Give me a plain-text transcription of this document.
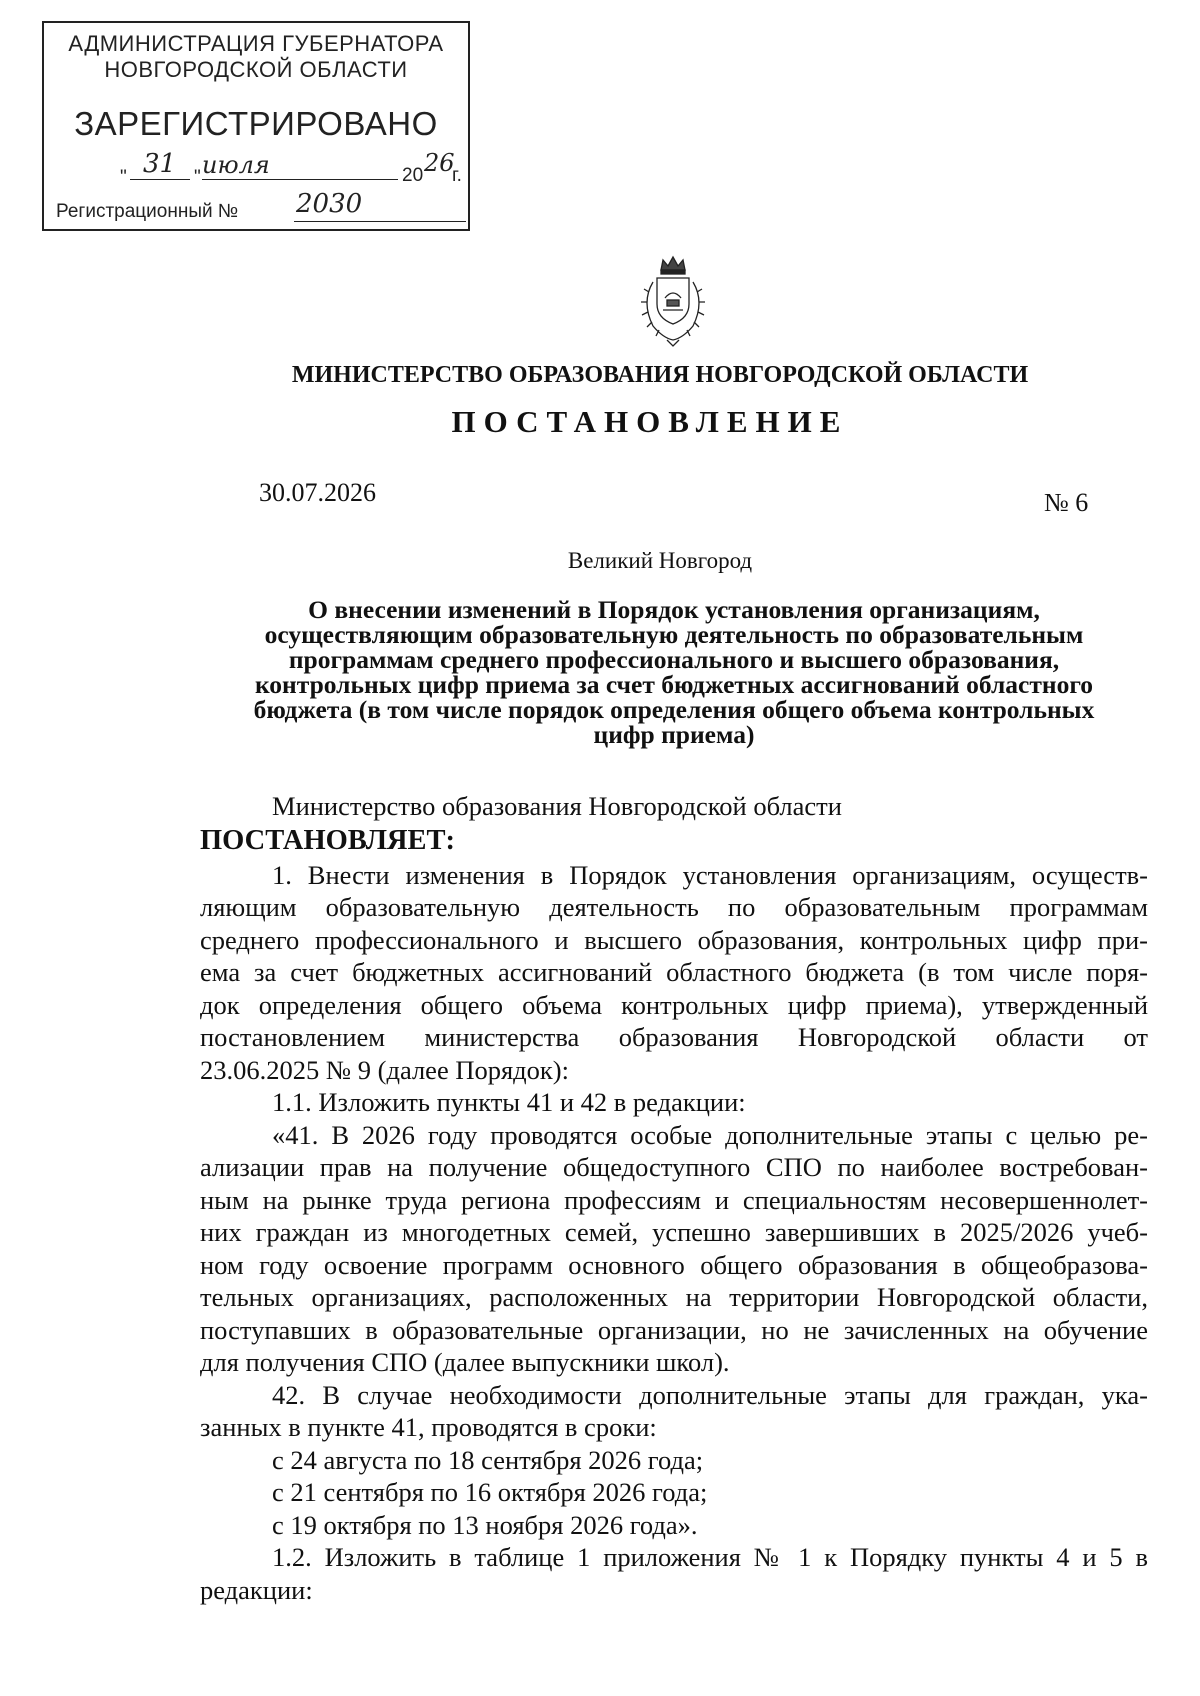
АДМИНИСТРАЦИЯ ГУБЕРНАТОРА
НОВГОРОДСКОЙ ОБЛАСТИ
ЗАРЕГИСТРИРОВАНО
" 31 " июля	20 26
г.
Регистрационный № 2030
МИНИСТЕРСТВО ОБРАЗОВАНИЯ НОВГОРОДСКОЙ ОБЛАСТИ
ПОСТАНОВЛЕНИЕ
30.07.2026	№ 6
Великий Новгород
О внесении изменений в Порядок установления организациям,
осуществляющим образовательную деятельность по образовательным
программам среднего профессионального и высшего образования,
контрольных цифр приема за счет бюджетных ассигнований областного
бюджета (в том числе порядок определения общего объема контрольных
цифр приема)
Министерство образования Новгородской области
ПОСТАНОВЛЯЕТ:
1. Внести изменения в Порядок установления организациям, осуществ-
ляющим образовательную деятельность по образовательным программам
среднего профессионального и высшего образования, контрольных цифр при-
ема за счет бюджетных ассигнований областного бюджета (в том числе поря-
док определения общего объема контрольных цифр приема), утвержденный
постановлением министерства образования Новгородской области от
23.06.2025 № 9 (далее Порядок):
1.1. Изложить пункты 41 и 42 в редакции:
«41. В 2026 году проводятся особые дополнительные этапы с целью ре-
ализации прав на получение общедоступного СПО по наиболее востребован-
ным на рынке труда региона профессиям и специальностям несовершеннолет-
них граждан из многодетных семей, успешно завершивших в 2025/2026 учеб-
ном году освоение программ основного общего образования в общеобразова-
тельных организациях, расположенных на территории Новгородской области,
поступавших в образовательные организации, но не зачисленных на обучение
для получения СПО (далее выпускники школ).
42. В случае необходимости дополнительные этапы для граждан, ука-
занных в пункте 41, проводятся в сроки:
с 24 августа по 18 сентября 2026 года;
с 21 сентября по 16 октября 2026 года;
с 19 октября по 13 ноября 2026 года».
1.2. Изложить в таблице 1 приложения № 1 к Порядку пункты 4 и 5 в
редакции:
